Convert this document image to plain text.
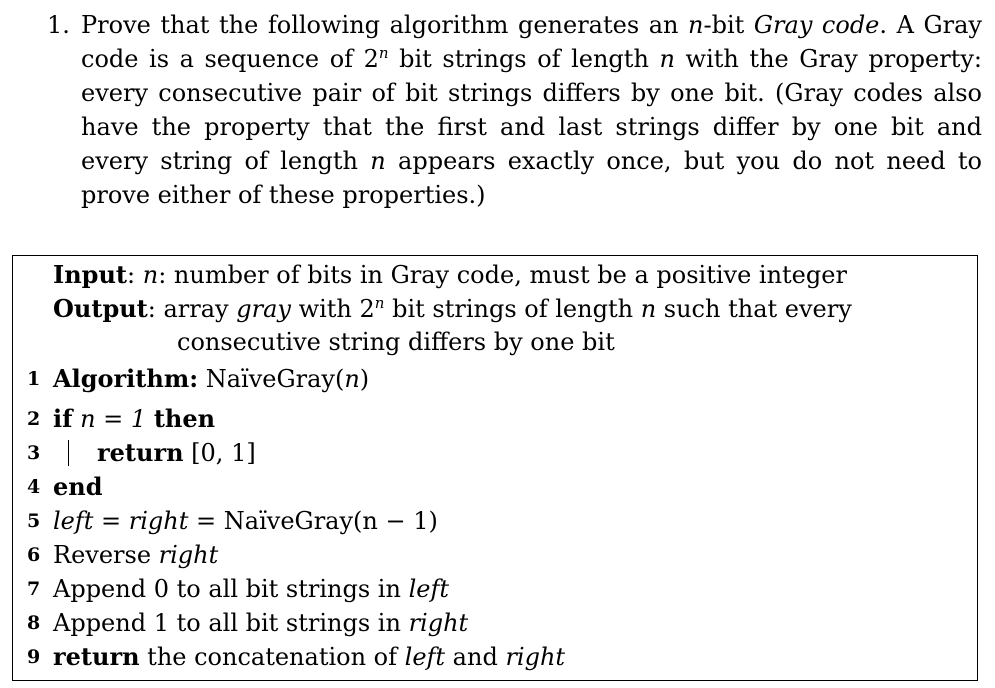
1. Prove that the following algorithm generates an n-bit Gray code. A Gray code is a sequence of 2$^n$ bit strings of length n with the Gray property: every consecutive pair of bit strings differs by one bit. (Gray codes also have the property that the first and last strings differ by one bit and every string of length n appears exactly once, but you do not need to prove either of these properties.)
Input: n: number of bits in Gray code, must be a positive integer
Output: array gray with 2$^n$ bit strings of length n such that every
consecutive string differs by one bit
1 Algorithm: NaïveGray(n)
2 if n = 1 then
3	return [0, 1]
4 end
5 left = right = NaïveGray(n − 1)
6 Reverse right
7 Append 0 to all bit strings in left
8 Append 1 to all bit strings in right
9 return the concatenation of left and right
